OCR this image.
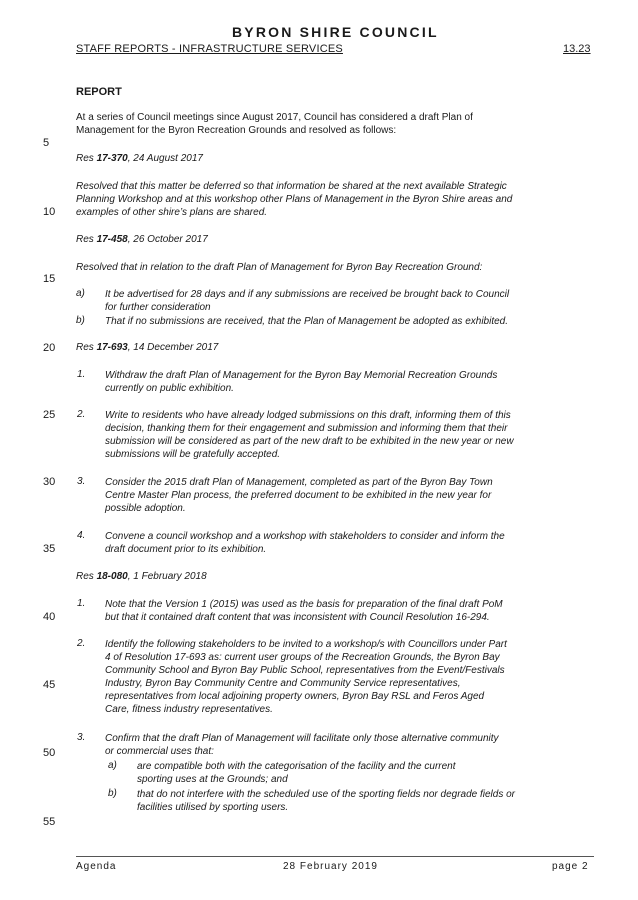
BYRON SHIRE COUNCIL
STAFF REPORTS - INFRASTRUCTURE SERVICES	13.23
REPORT
At a series of Council meetings since August 2017, Council has considered a draft Plan of
Management for the Byron Recreation Grounds and resolved as follows:
Res 17-370, 24 August 2017
Resolved that this matter be deferred so that information be shared at the next available Strategic
Planning Workshop and at this workshop other Plans of Management in the Byron Shire areas and
examples of other shire’s plans are shared.
Res 17-458, 26 October 2017
Resolved that in relation to the draft Plan of Management for Byron Bay Recreation Ground:
a) It be advertised for 28 days and if any submissions are received be brought back to Council
for further consideration
b) That if no submissions are received, that the Plan of Management be adopted as exhibited.
Res 17-693, 14 December 2017
1. Withdraw the draft Plan of Management for the Byron Bay Memorial Recreation Grounds
currently on public exhibition.
2. Write to residents who have already lodged submissions on this draft, informing them of this
decision, thanking them for their engagement and submission and informing them that their
submission will be considered as part of the new draft to be exhibited in the new year or new
submissions will be gratefully accepted.
3. Consider the 2015 draft Plan of Management, completed as part of the Byron Bay Town
Centre Master Plan process, the preferred document to be exhibited in the new year for
possible adoption.
4. Convene a council workshop and a workshop with stakeholders to consider and inform the
draft document prior to its exhibition.
Res 18-080, 1 February 2018
1. Note that the Version 1 (2015) was used as the basis for preparation of the final draft PoM
but that it contained draft content that was inconsistent with Council Resolution 16-294.
2. Identify the following stakeholders to be invited to a workshop/s with Councillors under Part
4 of Resolution 17-693 as: current user groups of the Recreation Grounds, the Byron Bay
Community School and Byron Bay Public School, representatives from the Event/Festivals
Industry, Byron Bay Community Centre and Community Service representatives,
representatives from local adjoining property owners, Byron Bay RSL and Feros Aged
Care, fitness industry representatives.
3. Confirm that the draft Plan of Management will facilitate only those alternative community
or commercial uses that:
a) are compatible both with the categorisation of the facility and the current
sporting uses at the Grounds; and
b) that do not interfere with the scheduled use of the sporting fields nor degrade fields or
facilities utilised by sporting users.
5
10
15
20
25
30
35
40
45
50
55
Agenda	28 February 2019	page 2
